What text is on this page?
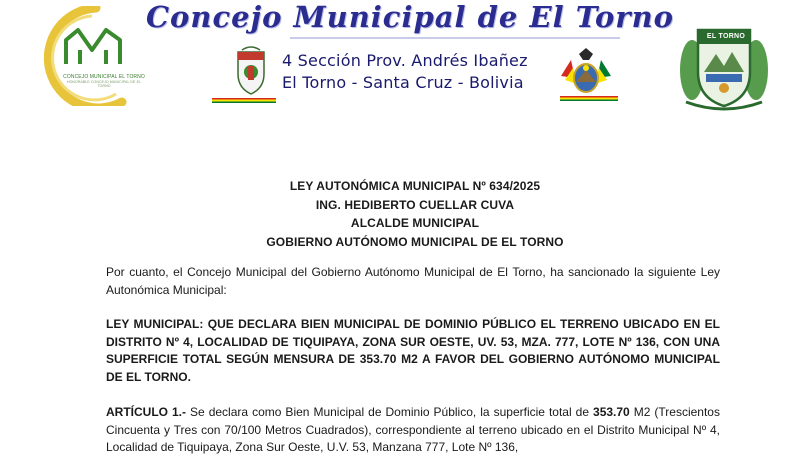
CONCEJO MUNICIPAL EL TORNO
HONORABLE CONCEJO MUNICIPAL DE EL TORNO
Concejo Municipal de El Torno
4 Sección Prov. Andrés Ibañez
El Torno - Santa Cruz - Bolivia
EL TORNO
LEY AUTONÓMICA MUNICIPAL Nº 634/2025
ING. HEDIBERTO CUELLAR CUVA
ALCALDE MUNICIPAL
GOBIERNO AUTÓNOMO MUNICIPAL DE EL TORNO
Por cuanto, el Concejo Municipal del Gobierno Autónomo Municipal de El Torno, ha sancionado la siguiente Ley Autonómica Municipal:
LEY MUNICIPAL: QUE DECLARA BIEN MUNICIPAL DE DOMINIO PÚBLICO EL TERRENO UBICADO EN EL DISTRITO Nº 4, LOCALIDAD DE TIQUIPAYA, ZONA SUR OESTE, UV. 53, MZA. 777, LOTE Nº 136, CON UNA SUPERFICIE TOTAL SEGÚN MENSURA DE 353.70 M2 A FAVOR DEL GOBIERNO AUTÓNOMO MUNICIPAL DE EL TORNO.
ARTÍCULO 1.- Se declara como Bien Municipal de Dominio Público, la superficie total de 353.70 M2 (Trescientos Cincuenta y Tres con 70/100 Metros Cuadrados), correspondiente al terreno ubicado en el Distrito Municipal Nº 4, Localidad de Tiquipaya, Zona Sur Oeste, U.V. 53, Manzana 777, Lote Nº 136,
